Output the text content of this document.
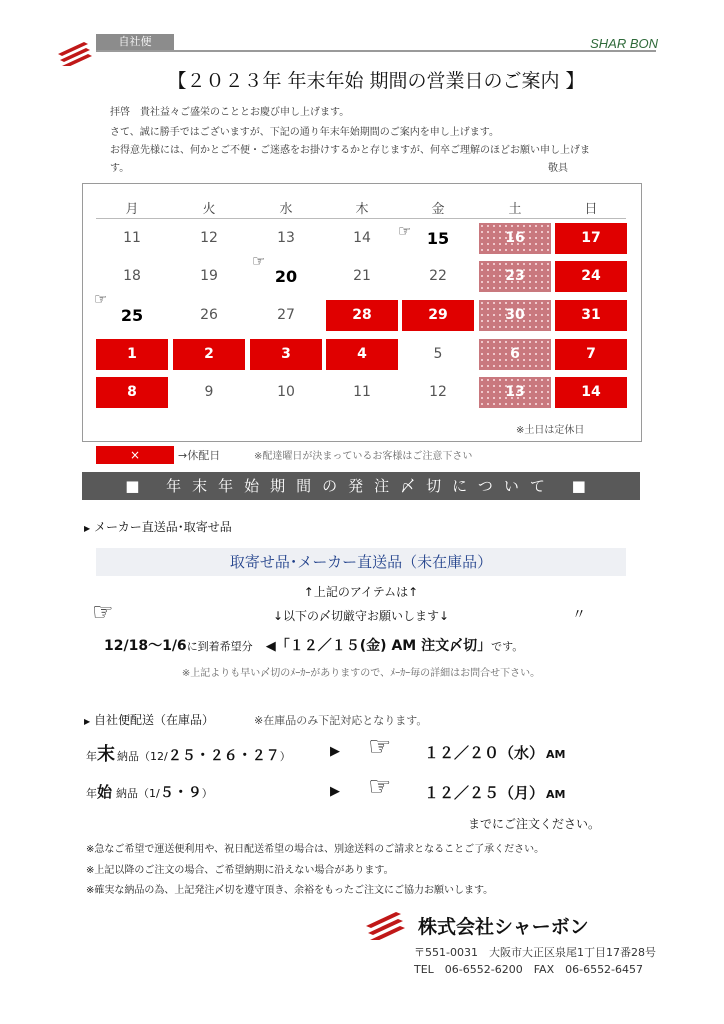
自社便	SHAR BON
【２０２３年 年末年始 期間の営業日のご案内 】
拝啓　貴社益々ご盛栄のこととお慶び申し上げます。
さて、誠に勝手ではございますが、下記の通り年末年始期間のご案内を申し上げます。
お得意先様には、何かとご不便・ご迷惑をお掛けするかと存じますが、何卒ご理解のほどお願い申し上げま
す。	敬具
月	火	水	木	金	土	日
11	12	13	14	15	16	17
18	19	20	21	22	23	24
25	26	27	28	29	30	31
1	2	3	4	5	6	7
8	9	10	11	12	13	14
☞
☞
☞
※土日は定休日
×	→休配日	※配達曜日が決まっているお客様はご注意下さい
■ 年末年始期間の発注〆切について ■
▶ メーカー直送品･取寄せ品
取寄せ品･メーカー直送品（未在庫品）
↑上記のアイテムは↑
↓以下の〆切厳守お願いします↓
☞	〃
12/18～1/6に到着希望分 ◀「１２／１５(金) AM 注文〆切」です。
※上記よりも早い〆切のﾒｰｶｰがありますので、ﾒｰｶｰ毎の詳細はお問合せ下さい。
▶ 自社便配送（在庫品）	※在庫品のみ下記対応となります。
年末 納品（12/２５・２６・２７）	▶ ☞ １２／２０（水） AM
年始 納品（1/５・９）	▶ ☞ １２／２５（月） AM
までにご注文ください。
※急なご希望で運送便利用や、祝日配送希望の場合は、別途送料のご請求となることご了承ください。
※上記以降のご注文の場合、ご希望納期に沿えない場合があります。
※確実な納品の為、上記発注〆切を遵守頂き、余裕をもったご注文にご協力お願いします。
株式会社シャーボン
〒551-0031　大阪市大正区泉尾1丁目17番28号
TEL　06-6552-6200　FAX　06-6552-6457
